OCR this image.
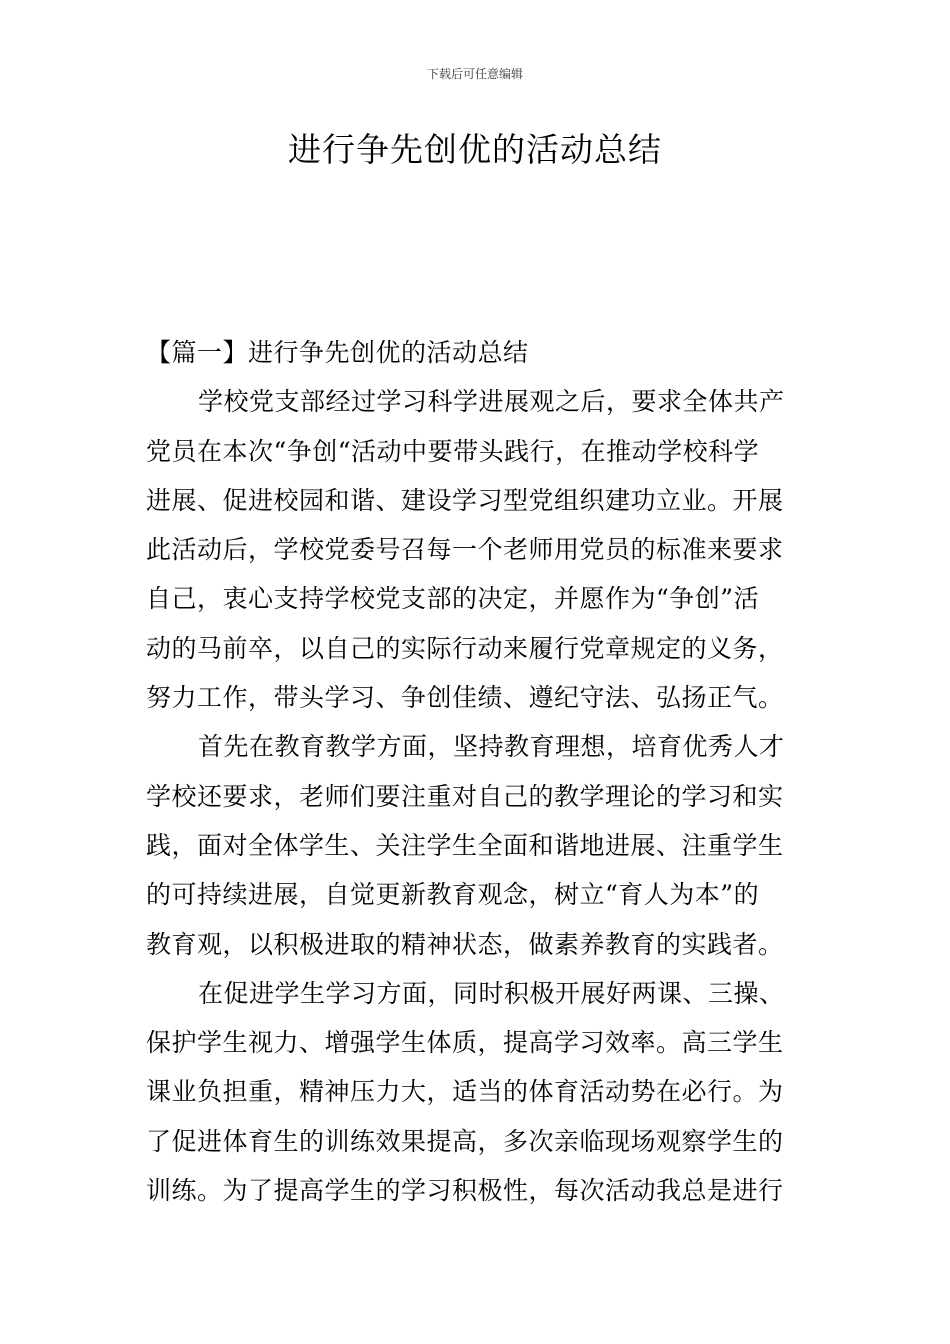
下载后可任意编辑
进行争先创优的活动总结
【篇一】进行争先创优的活动总结
学校党支部经过学习科学进展观之后，要求全体共产
党员在本次“争创“活动中要带头践行，在推动学校科学
进展、促进校园和谐、建设学习型党组织建功立业。开展
此活动后，学校党委号召每一个老师用党员的标准来要求
自己，衷心支持学校党支部的决定，并愿作为“争创”活
动的马前卒，以自己的实际行动来履行党章规定的义务，
努力工作，带头学习、争创佳绩、遵纪守法、弘扬正气。
首先在教育教学方面，坚持教育理想，培育优秀人才
学校还要求，老师们要注重对自己的教学理论的学习和实
践，面对全体学生、关注学生全面和谐地进展、注重学生
的可持续进展，自觉更新教育观念，树立“育人为本”的
教育观，以积极进取的精神状态，做素养教育的实践者。
在促进学生学习方面，同时积极开展好两课、三操、
保护学生视力、增强学生体质，提高学习效率。高三学生
课业负担重，精神压力大，适当的体育活动势在必行。为
了促进体育生的训练效果提高，多次亲临现场观察学生的
训练。为了提高学生的学习积极性，每次活动我总是进行
